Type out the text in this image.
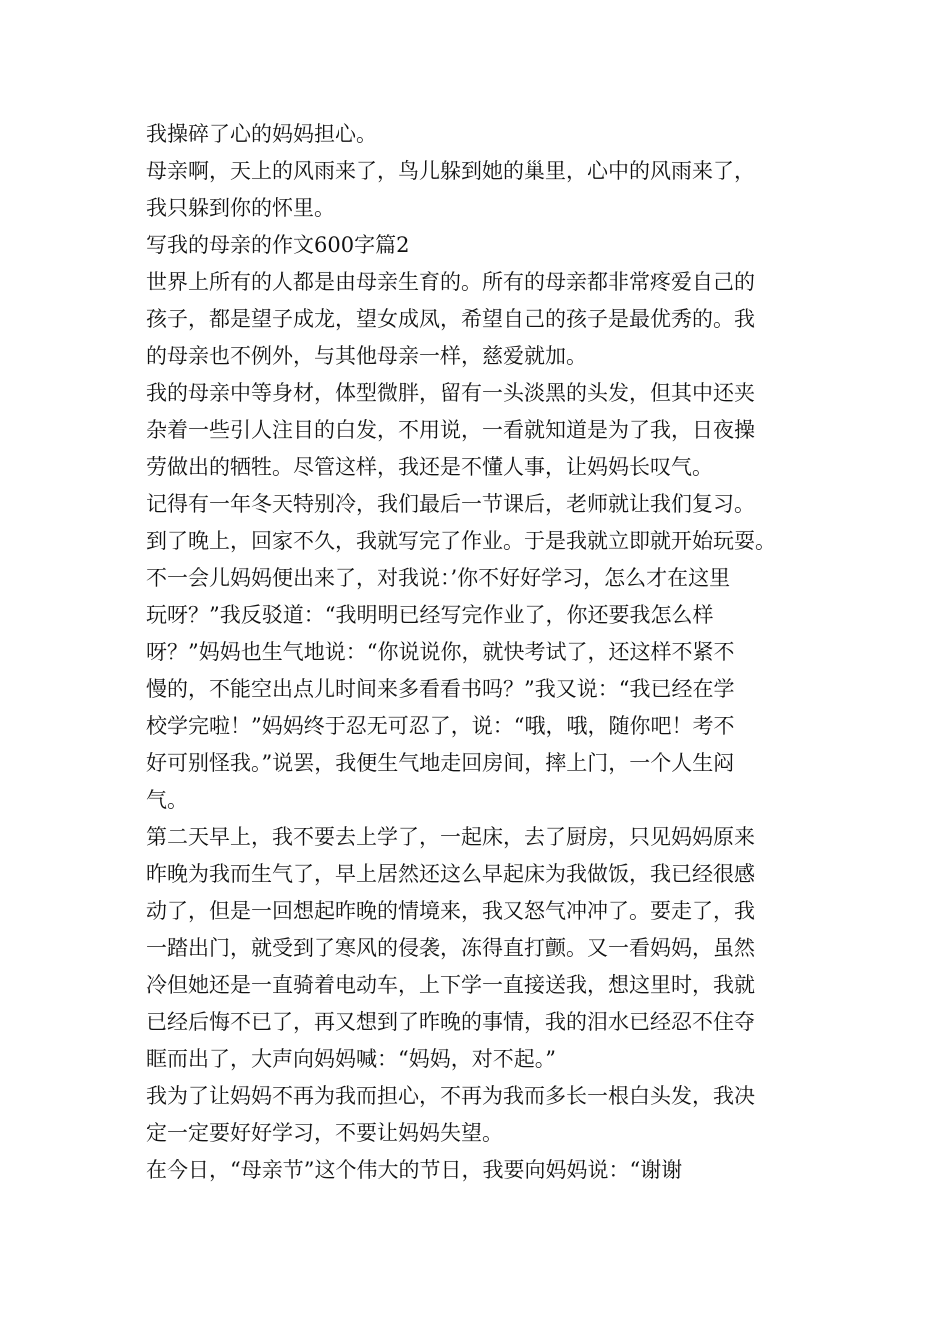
我操碎了心的妈妈担心。
母亲啊，天上的风雨来了，鸟儿躲到她的巢里，心中的风雨来了，
我只躲到你的怀里。
写我的母亲的作文600字篇2
世界上所有的人都是由母亲生育的。所有的母亲都非常疼爱自己的
孩子，都是望子成龙，望女成凤，希望自己的孩子是最优秀的。我
的母亲也不例外，与其他母亲一样，慈爱就加。
我的母亲中等身材，体型微胖，留有一头淡黑的头发，但其中还夹
杂着一些引人注目的白发，不用说，一看就知道是为了我，日夜操
劳做出的牺牲。尽管这样，我还是不懂人事，让妈妈长叹气。
记得有一年冬天特别冷，我们最后一节课后，老师就让我们复习。
到了晚上，回家不久，我就写完了作业。于是我就立即就开始玩耍。
不一会儿妈妈便出来了，对我说：’你不好好学习，怎么才在这里
玩呀？”我反驳道：“我明明已经写完作业了，你还要我怎么样
呀？”妈妈也生气地说：“你说说你，就快考试了，还这样不紧不
慢的，不能空出点儿时间来多看看书吗？”我又说：“我已经在学
校学完啦！”妈妈终于忍无可忍了，说：“哦，哦，随你吧！考不
好可别怪我。”说罢，我便生气地走回房间，摔上门，一个人生闷
气。
第二天早上，我不要去上学了，一起床，去了厨房，只见妈妈原来
昨晚为我而生气了，早上居然还这么早起床为我做饭，我已经很感
动了，但是一回想起昨晚的情境来，我又怒气冲冲了。要走了，我
一踏出门，就受到了寒风的侵袭，冻得直打颤。又一看妈妈，虽然
冷但她还是一直骑着电动车，上下学一直接送我，想这里时，我就
已经后悔不已了，再又想到了昨晚的事情，我的泪水已经忍不住夺
眶而出了，大声向妈妈喊：“妈妈，对不起。”
我为了让妈妈不再为我而担心，不再为我而多长一根白头发，我决
定一定要好好学习，不要让妈妈失望。
在今日，“母亲节”这个伟大的节日，我要向妈妈说：“谢谢
